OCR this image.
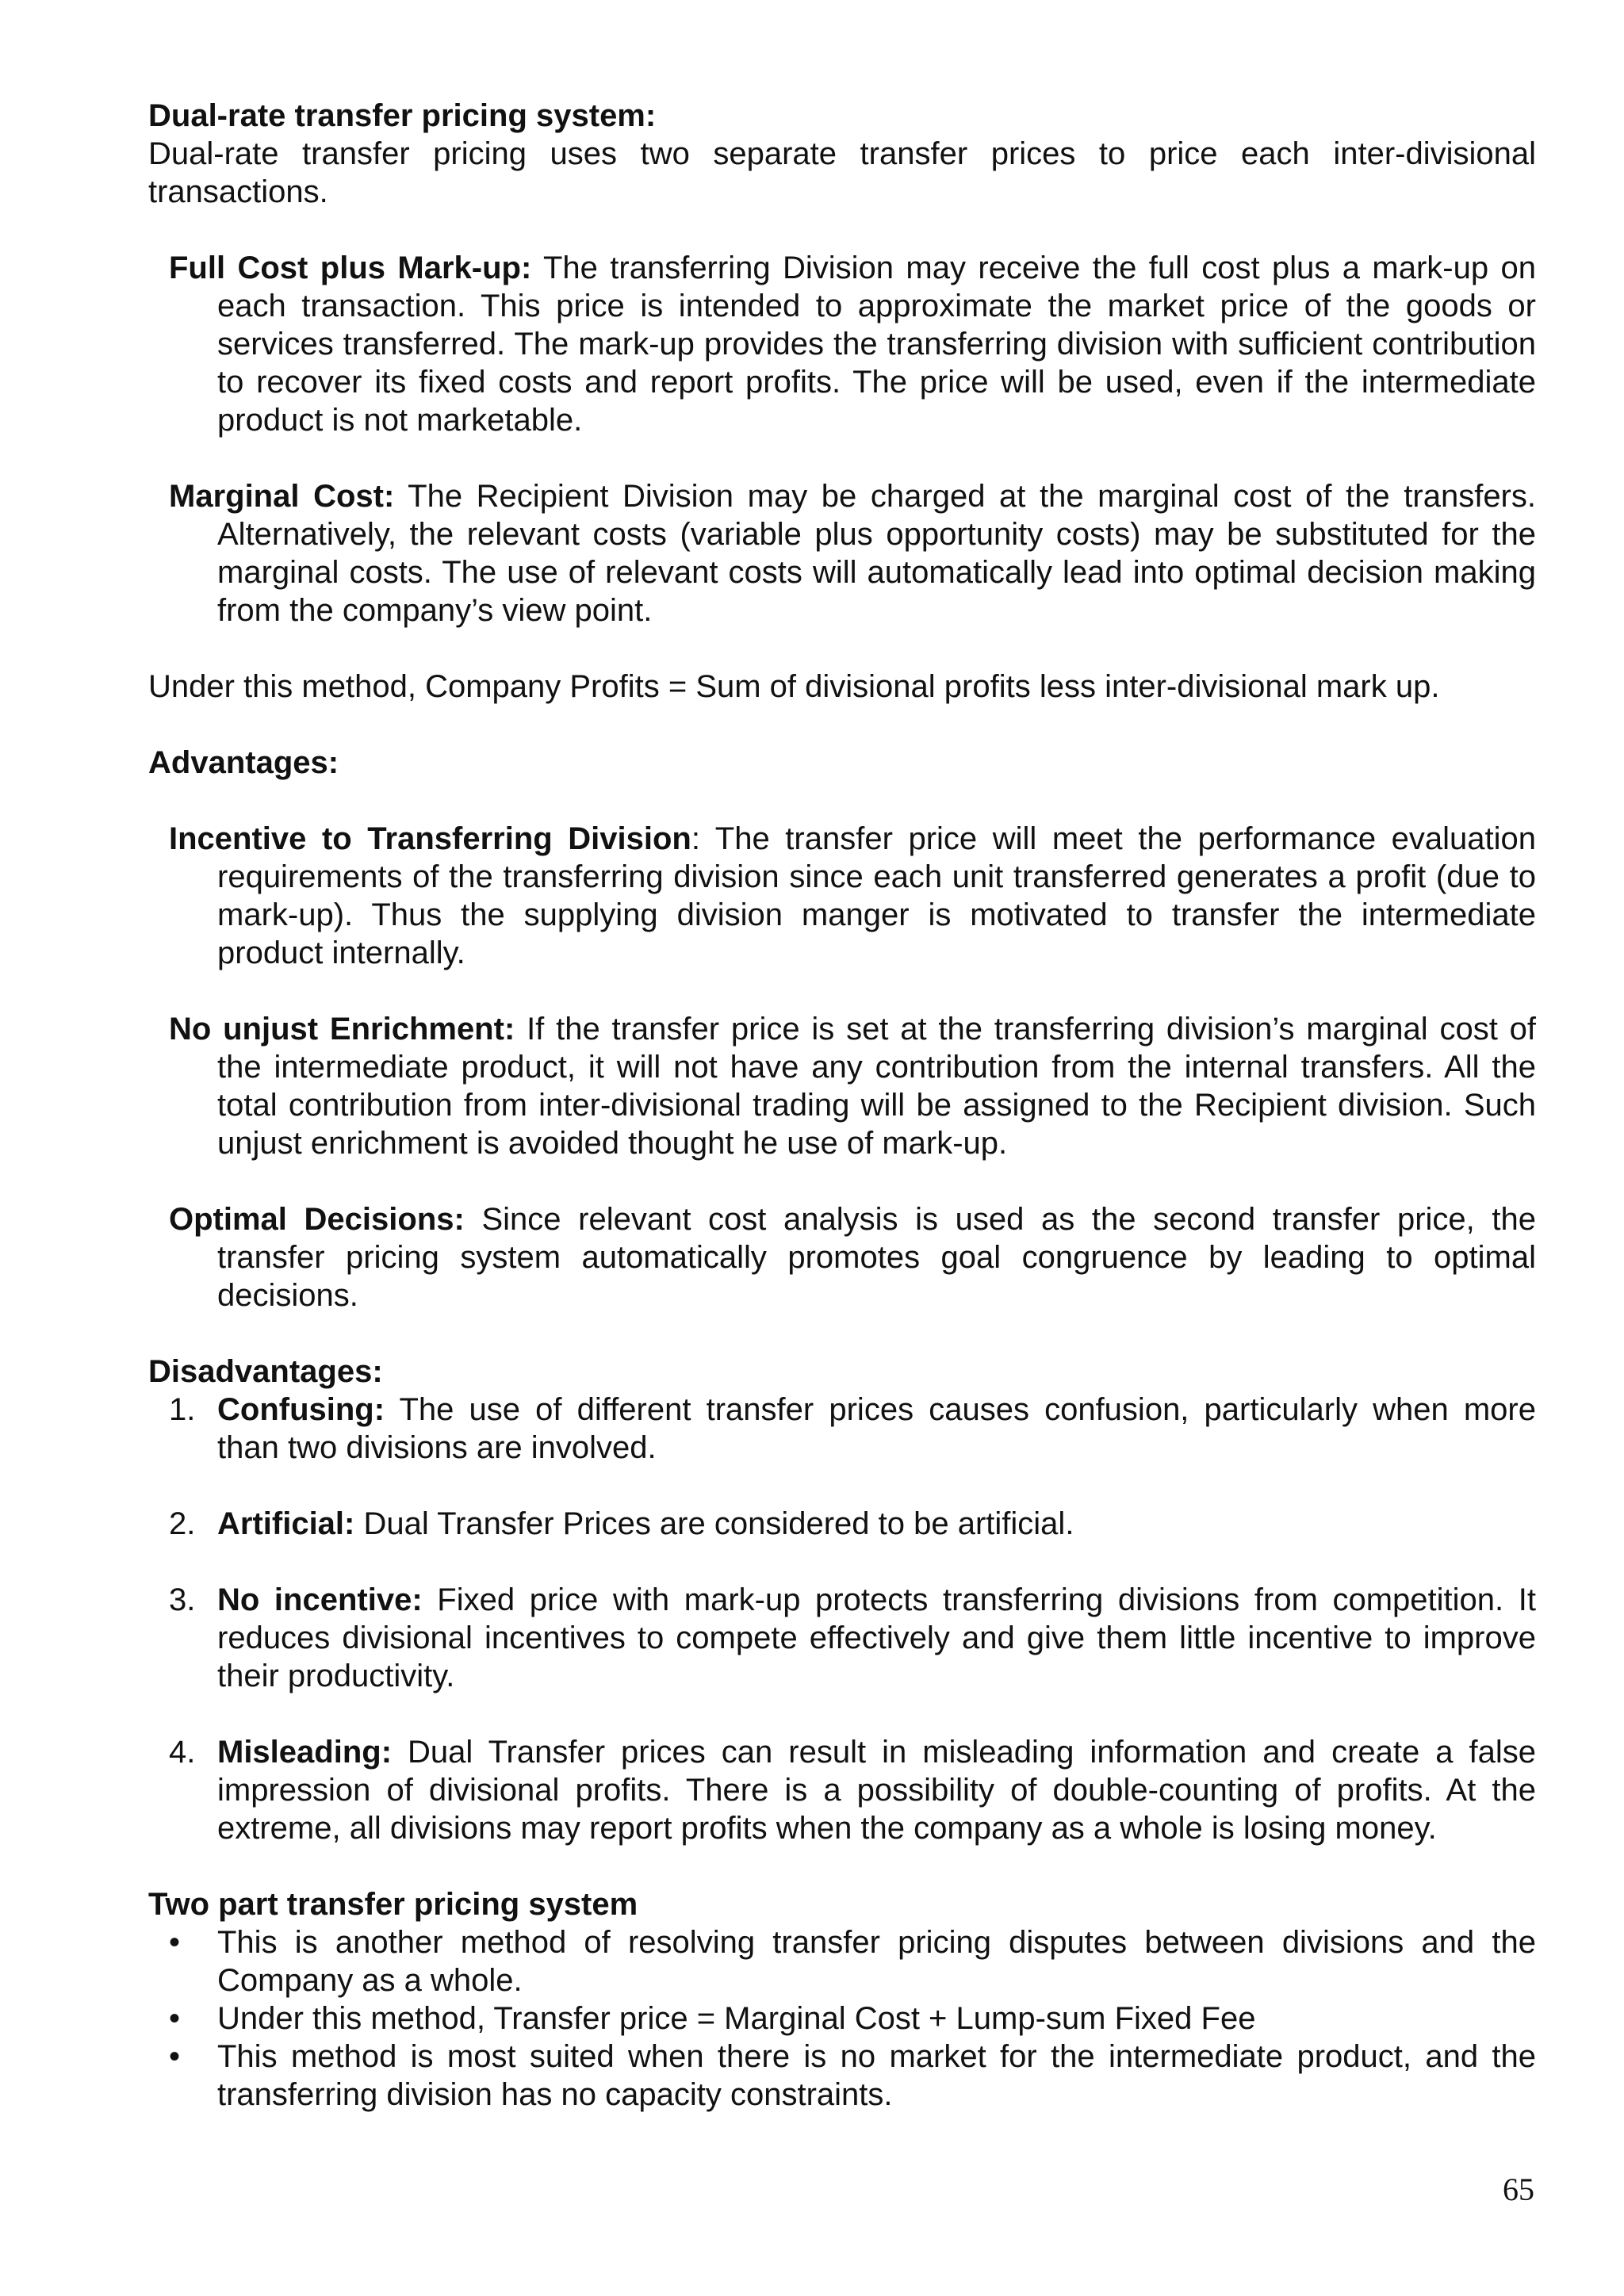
Dual-rate transfer pricing system:

Dual-rate transfer pricing uses two separate transfer prices to price each inter-divisional transactions.

Full Cost plus Mark-up: The transferring Division may receive the full cost plus a mark-up on each transaction. This price is intended to approximate the market price of the goods or services transferred. The mark-up provides the transferring division with sufficient contribution to recover its fixed costs and report profits. The price will be used, even if the intermediate product is not marketable.

Marginal Cost: The Recipient Division may be charged at the marginal cost of the transfers. Alternatively, the relevant costs (variable plus opportunity costs) may be substituted for the marginal costs. The use of relevant costs will automatically lead into optimal decision making from the company’s view point.

Under this method, Company Profits = Sum of divisional profits less inter-divisional mark up.

Advantages:

Incentive to Transferring Division: The transfer price will meet the performance evaluation requirements of the transferring division since each unit transferred generates a profit (due to mark-up). Thus the supplying division manger is motivated to transfer the intermediate product internally.

No unjust Enrichment: If the transfer price is set at the transferring division’s marginal cost of the intermediate product, it will not have any contribution from the internal transfers. All the total contribution from inter-divisional trading will be assigned to the Recipient division. Such unjust enrichment is avoided thought he use of mark-up.

Optimal Decisions: Since relevant cost analysis is used as the second transfer price, the transfer pricing system automatically promotes goal congruence by leading to optimal decisions.

Disadvantages:
1. Confusing: The use of different transfer prices causes confusion, particularly when more than two divisions are involved.
2. Artificial: Dual Transfer Prices are considered to be artificial.
3. No incentive: Fixed price with mark-up protects transferring divisions from competition. It reduces divisional incentives to compete effectively and give them little incentive to improve their productivity.
4. Misleading: Dual Transfer prices can result in misleading information and create a false impression of divisional profits. There is a possibility of double-counting of profits. At the extreme, all divisions may report profits when the company as a whole is losing money.
Two part transfer pricing system
• This is another method of resolving transfer pricing disputes between divisions and the Company as a whole.
• Under this method, Transfer price = Marginal Cost + Lump-sum Fixed Fee
• This method is most suited when there is no market for the intermediate product, and the transferring division has no capacity constraints.
65
